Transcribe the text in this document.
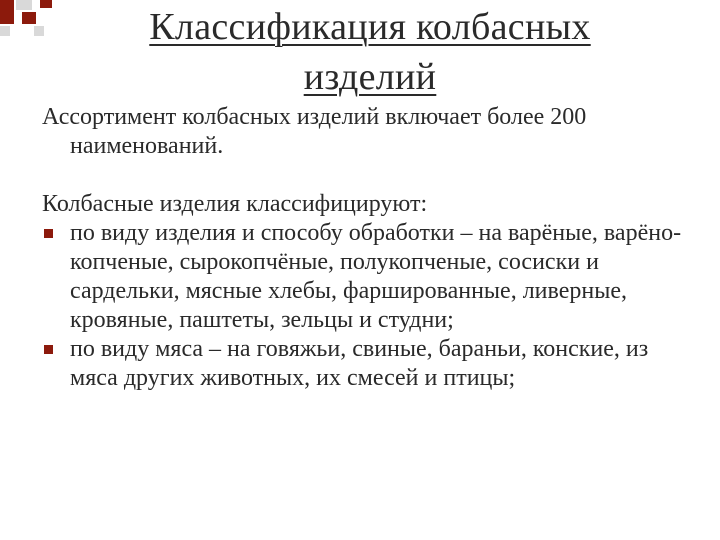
Классификация колбасных изделий

Ассортимент колбасных изделий включает более 200 наименований.

Колбасные изделия классифицируют:

по виду изделия и способу обработки – на варёные, варёно-копченые, сырокопчёные, полукопченые, сосиски и сардельки, мясные хлебы, фаршированные, ливерные, кровяные, паштеты, зельцы и студни;
по виду мяса – на говяжьи, свиные, бараньи, конские, из мяса других животных, их смесей и птицы;
